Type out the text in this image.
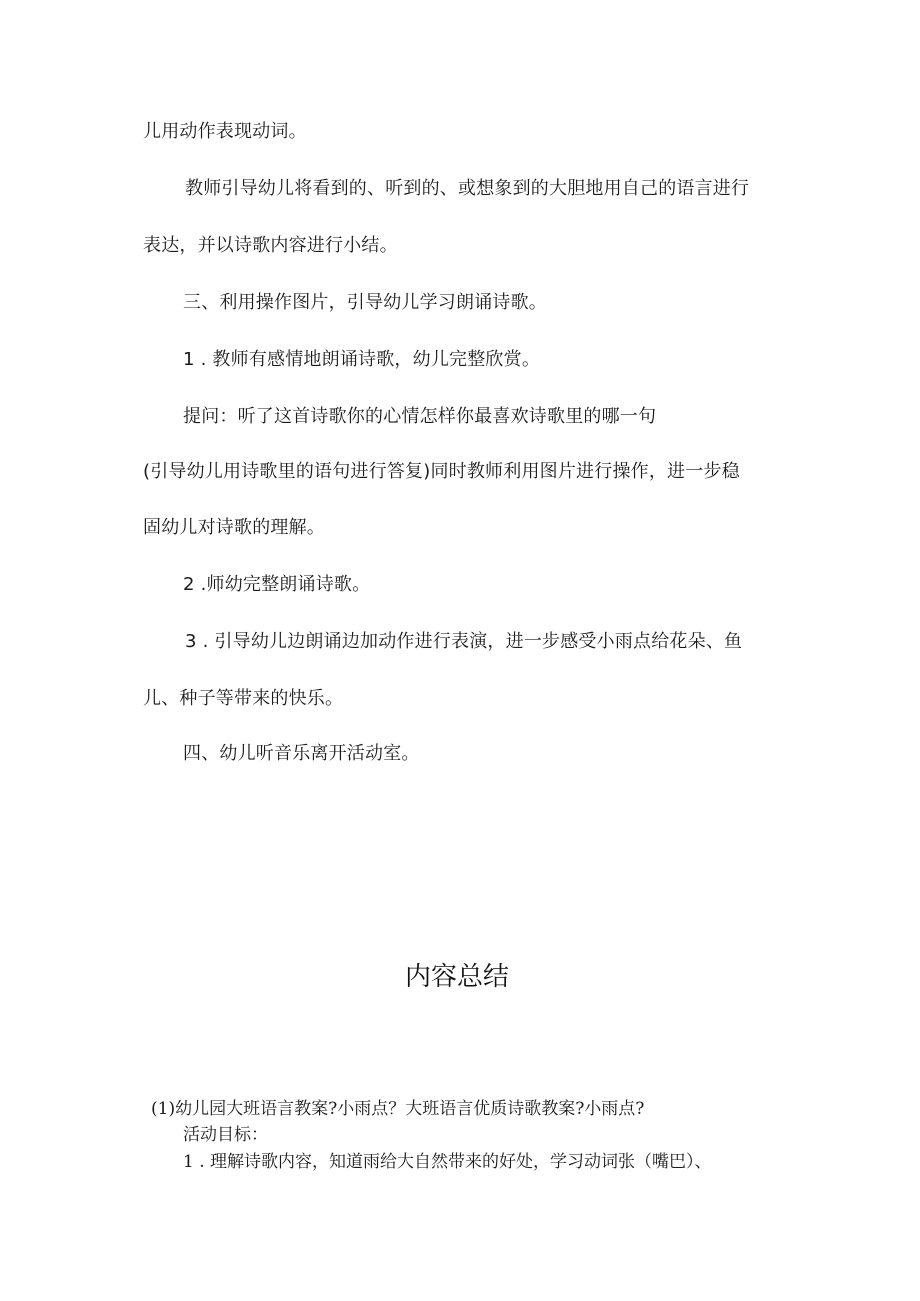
儿用动作表现动词。
教师引导幼儿将看到的、听到的、或想象到的大胆地用自己的语言进行
表达，并以诗歌内容进行小结。
三、利用操作图片，引导幼儿学习朗诵诗歌。
1 . 教师有感情地朗诵诗歌，幼儿完整欣赏。
提问：听了这首诗歌你的心情怎样你最喜欢诗歌里的哪一句
(引导幼儿用诗歌里的语句进行答复)同时教师利用图片进行操作，进一步稳
固幼儿对诗歌的理解。
2 .师幼完整朗诵诗歌。
3 . 引导幼儿边朗诵边加动作进行表演，进一步感受小雨点给花朵、鱼
儿、种子等带来的快乐。
四、幼儿听音乐离开活动室。
内容总结
(1)幼儿园大班语言教案?小雨点？大班语言优质诗歌教案?小雨点?
活动目标：
1 . 理解诗歌内容，知道雨给大自然带来的好处，学习动词张（嘴巴）、
